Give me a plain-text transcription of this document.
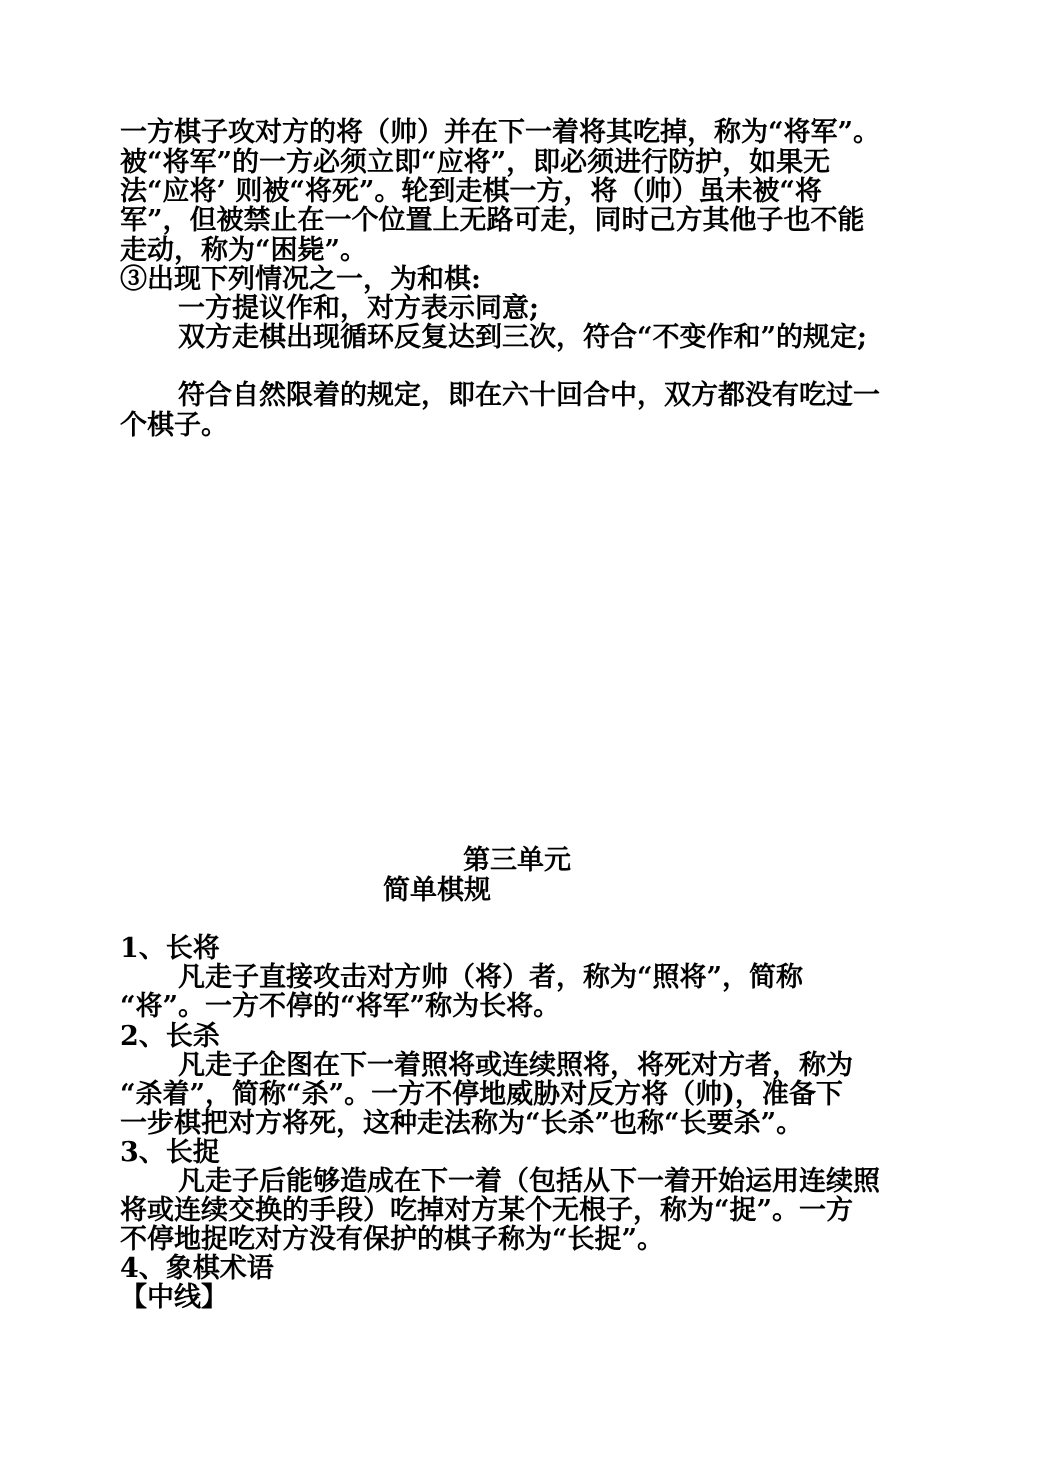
一方棋子攻对方的将（帅）并在下一着将其吃掉，称为“将军”。
被“将军”的一方必须立即“应将”，即必须进行防护，如果无
法“应将’ 则被“将死”。轮到走棋一方，将（帅）虽未被“将
军”，但被禁止在一个位置上无路可走，同时己方其他子也不能
走动，称为“困毙”。
③出现下列情况之一，为和棋:
一方提议作和，对方表示同意;
双方走棋出现循环反复达到三次，符合“不变作和”的规定;
符合自然限着的规定，即在六十回合中，双方都没有吃过一
个棋子。
第三单元
简单棋规
1、长将
凡走子直接攻击对方帅（将）者，称为“照将”，简称
“将”。一方不停的“将军”称为长将。
2、长杀
凡走子企图在下一着照将或连续照将，将死对方者，称为
“杀着”，简称“杀”。一方不停地威胁对反方将（帅)，准备下
一步棋把对方将死，这种走法称为“长杀”也称“长要杀”。
3、长捉
凡走子后能够造成在下一着（包括从下一着开始运用连续照
将或连续交换的手段）吃掉对方某个无根子，称为“捉”。一方
不停地捉吃对方没有保护的棋子称为“长捉”。
4、象棋术语
【中线】
